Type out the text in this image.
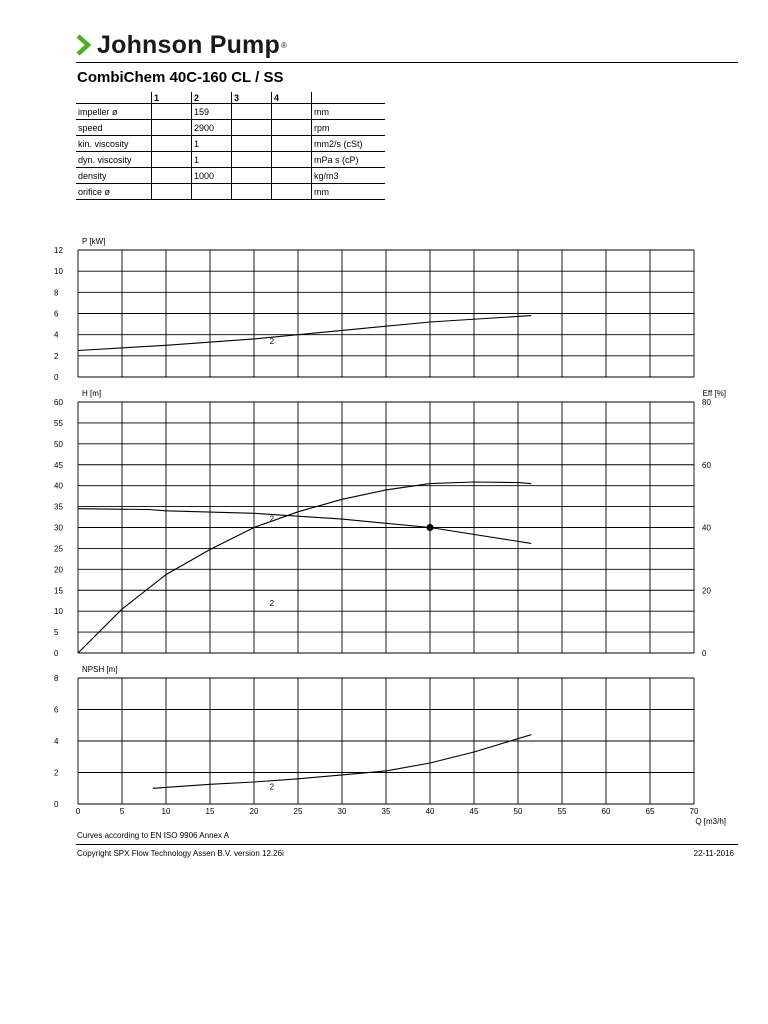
Johnson Pump ®
CombiChem 40C-160 CL / SS
	1	2	3	4	
impeller ø		159			mm
speed		2900			rpm
kin. viscosity		1			mm2/s (cSt)
dyn. viscosity		1			mPa s (cP)
density		1000			kg/m3
orifice ø					mm
0
2
4
6
8
10
12
P [kW]
2
0
5
10
15
20
25
30
35
40
45
50
55
60
0
20
40
60
80
H [m]	Eff [%]
2
2
0
2
4
6
8
NPSH [m]
2
0	5	10	15	20	25	30	35	40	45	50	55	60	65	70
Q [m3/h]
Curves according to EN ISO 9906 Annex A
Copyright SPX Flow Technology Assen B.V. version 12.26i	22-11-2016
